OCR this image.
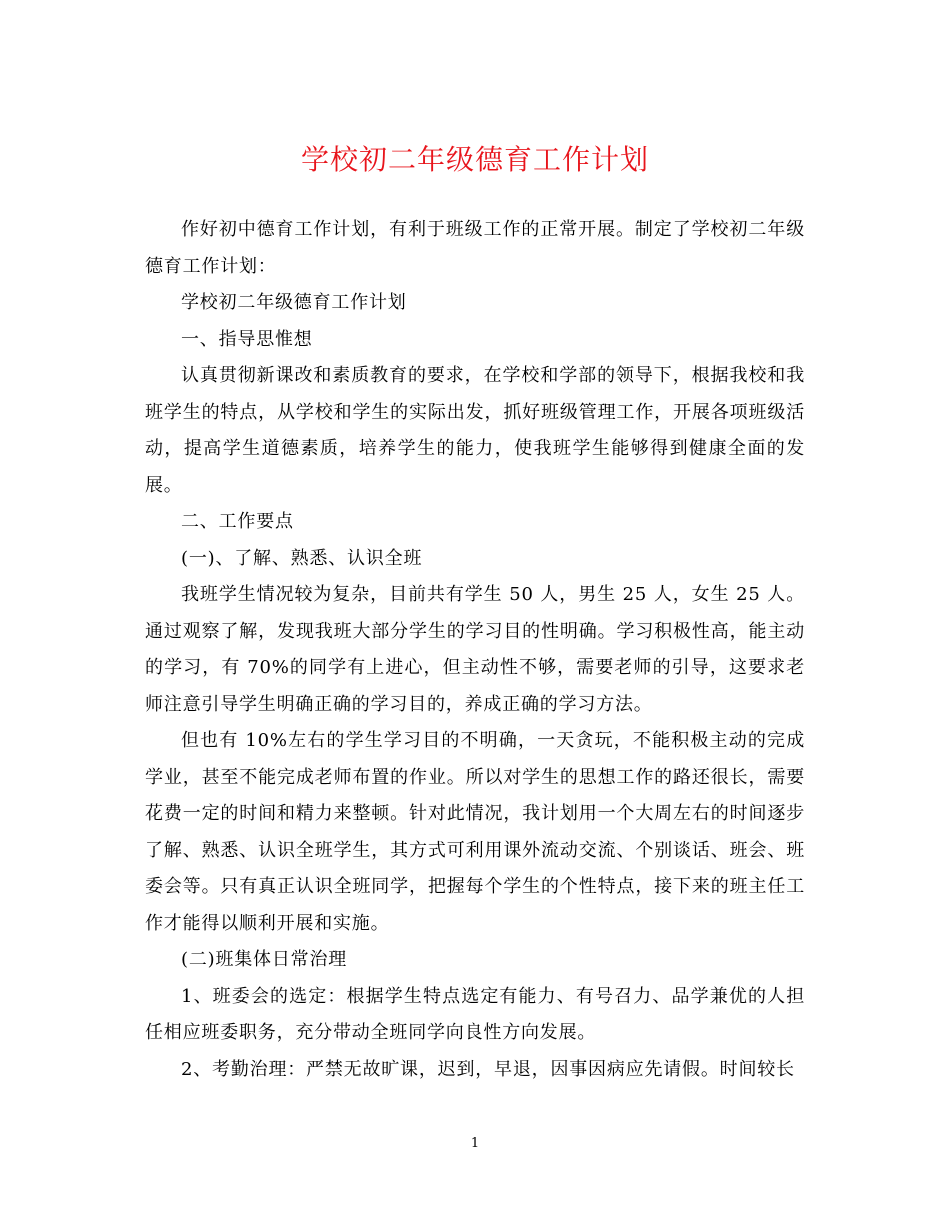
学校初二年级德育工作计划

作好初中德育工作计划，有利于班级工作的正常开展。制定了学校初二年级德育工作计划：

学校初二年级德育工作计划

一、指导思惟想

认真贯彻新课改和素质教育的要求，在学校和学部的领导下，根据我校和我班学生的特点，从学校和学生的实际出发，抓好班级管理工作，开展各项班级活动，提高学生道德素质，培养学生的能力，使我班学生能够得到健康全面的发展。

二、工作要点

(一)、了解、熟悉、认识全班

我班学生情况较为复杂，目前共有学生 50 人，男生 25 人，女生 25 人。通过观察了解，发现我班大部分学生的学习目的性明确。学习积极性高，能主动的学习，有 70%的同学有上进心，但主动性不够，需要老师的引导，这要求老师注意引导学生明确正确的学习目的，养成正确的学习方法。

但也有 10%左右的学生学习目的不明确，一天贪玩，不能积极主动的完成学业，甚至不能完成老师布置的作业。所以对学生的思想工作的路还很长，需要花费一定的时间和精力来整顿。针对此情况，我计划用一个大周左右的时间逐步了解、熟悉、认识全班学生，其方式可利用课外流动交流、个别谈话、班会、班委会等。只有真正认识全班同学，把握每个学生的个性特点，接下来的班主任工作才能得以顺利开展和实施。

(二)班集体日常治理

1、班委会的选定：根据学生特点选定有能力、有号召力、品学兼优的人担任相应班委职务，充分带动全班同学向良性方向发展。

2、考勤治理：严禁无故旷课，迟到，早退，因事因病应先请假。时间较长

1
